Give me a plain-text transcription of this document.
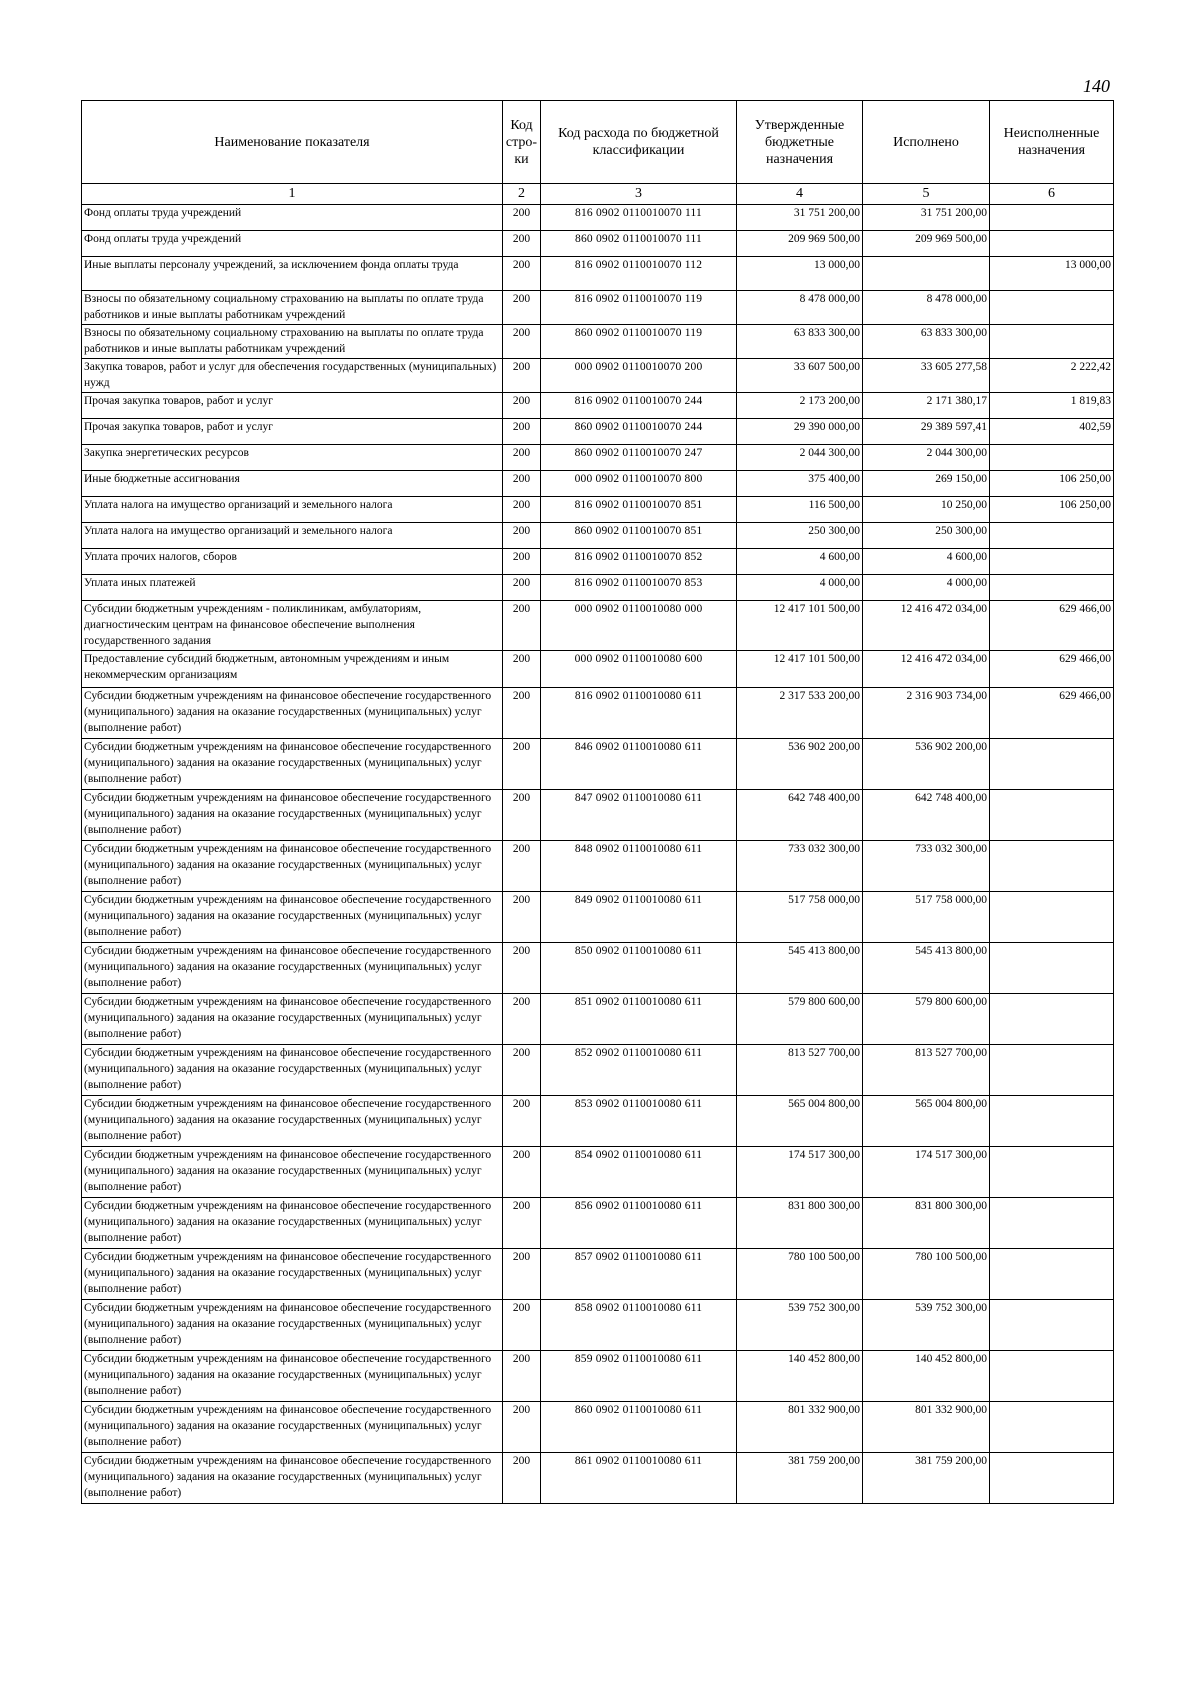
140
Наименование показателя	Код стро-ки	Код расхода по бюджетной классификации	Утвержденные бюджетные назначения	Исполнено	Неисполненные назначения
1	2	3	4	5	6
Фонд оплаты труда учреждений	200	816 0902 0110010070 111	31 751 200,00	31 751 200,00	
Фонд оплаты труда учреждений	200	860 0902 0110010070 111	209 969 500,00	209 969 500,00	
Иные выплаты персоналу учреждений, за исключением фонда оплаты труда	200	816 0902 0110010070 112	13 000,00		13 000,00
Взносы по обязательному социальному страхованию на выплаты по оплате труда работников и иные выплаты работникам учреждений	200	816 0902 0110010070 119	8 478 000,00	8 478 000,00	
Взносы по обязательному социальному страхованию на выплаты по оплате труда работников и иные выплаты работникам учреждений	200	860 0902 0110010070 119	63 833 300,00	63 833 300,00	
Закупка товаров, работ и услуг для обеспечения государственных (муниципальных) нужд	200	000 0902 0110010070 200	33 607 500,00	33 605 277,58	2 222,42
Прочая закупка товаров, работ и услуг	200	816 0902 0110010070 244	2 173 200,00	2 171 380,17	1 819,83
Прочая закупка товаров, работ и услуг	200	860 0902 0110010070 244	29 390 000,00	29 389 597,41	402,59
Закупка энергетических ресурсов	200	860 0902 0110010070 247	2 044 300,00	2 044 300,00	
Иные бюджетные ассигнования	200	000 0902 0110010070 800	375 400,00	269 150,00	106 250,00
Уплата налога на имущество организаций и земельного налога	200	816 0902 0110010070 851	116 500,00	10 250,00	106 250,00
Уплата налога на имущество организаций и земельного налога	200	860 0902 0110010070 851	250 300,00	250 300,00	
Уплата прочих налогов, сборов	200	816 0902 0110010070 852	4 600,00	4 600,00	
Уплата иных платежей	200	816 0902 0110010070 853	4 000,00	4 000,00	
Субсидии бюджетным учреждениям - поликлиникам, амбулаториям, диагностическим центрам на финансовое обеспечение выполнения государственного задания	200	000 0902 0110010080 000	12 417 101 500,00	12 416 472 034,00	629 466,00
Предоставление субсидий бюджетным, автономным учреждениям и иным некоммерческим организациям	200	000 0902 0110010080 600	12 417 101 500,00	12 416 472 034,00	629 466,00
Субсидии бюджетным учреждениям на финансовое обеспечение государственного (муниципального) задания на оказание государственных (муниципальных) услуг (выполнение работ)	200	816 0902 0110010080 611	2 317 533 200,00	2 316 903 734,00	629 466,00
Субсидии бюджетным учреждениям на финансовое обеспечение государственного (муниципального) задания на оказание государственных (муниципальных) услуг (выполнение работ)	200	846 0902 0110010080 611	536 902 200,00	536 902 200,00	
Субсидии бюджетным учреждениям на финансовое обеспечение государственного (муниципального) задания на оказание государственных (муниципальных) услуг (выполнение работ)	200	847 0902 0110010080 611	642 748 400,00	642 748 400,00	
Субсидии бюджетным учреждениям на финансовое обеспечение государственного (муниципального) задания на оказание государственных (муниципальных) услуг (выполнение работ)	200	848 0902 0110010080 611	733 032 300,00	733 032 300,00	
Субсидии бюджетным учреждениям на финансовое обеспечение государственного (муниципального) задания на оказание государственных (муниципальных) услуг (выполнение работ)	200	849 0902 0110010080 611	517 758 000,00	517 758 000,00	
Субсидии бюджетным учреждениям на финансовое обеспечение государственного (муниципального) задания на оказание государственных (муниципальных) услуг (выполнение работ)	200	850 0902 0110010080 611	545 413 800,00	545 413 800,00	
Субсидии бюджетным учреждениям на финансовое обеспечение государственного (муниципального) задания на оказание государственных (муниципальных) услуг (выполнение работ)	200	851 0902 0110010080 611	579 800 600,00	579 800 600,00	
Субсидии бюджетным учреждениям на финансовое обеспечение государственного (муниципального) задания на оказание государственных (муниципальных) услуг (выполнение работ)	200	852 0902 0110010080 611	813 527 700,00	813 527 700,00	
Субсидии бюджетным учреждениям на финансовое обеспечение государственного (муниципального) задания на оказание государственных (муниципальных) услуг (выполнение работ)	200	853 0902 0110010080 611	565 004 800,00	565 004 800,00	
Субсидии бюджетным учреждениям на финансовое обеспечение государственного (муниципального) задания на оказание государственных (муниципальных) услуг (выполнение работ)	200	854 0902 0110010080 611	174 517 300,00	174 517 300,00	
Субсидии бюджетным учреждениям на финансовое обеспечение государственного (муниципального) задания на оказание государственных (муниципальных) услуг (выполнение работ)	200	856 0902 0110010080 611	831 800 300,00	831 800 300,00	
Субсидии бюджетным учреждениям на финансовое обеспечение государственного (муниципального) задания на оказание государственных (муниципальных) услуг (выполнение работ)	200	857 0902 0110010080 611	780 100 500,00	780 100 500,00	
Субсидии бюджетным учреждениям на финансовое обеспечение государственного (муниципального) задания на оказание государственных (муниципальных) услуг (выполнение работ)	200	858 0902 0110010080 611	539 752 300,00	539 752 300,00	
Субсидии бюджетным учреждениям на финансовое обеспечение государственного (муниципального) задания на оказание государственных (муниципальных) услуг (выполнение работ)	200	859 0902 0110010080 611	140 452 800,00	140 452 800,00	
Субсидии бюджетным учреждениям на финансовое обеспечение государственного (муниципального) задания на оказание государственных (муниципальных) услуг (выполнение работ)	200	860 0902 0110010080 611	801 332 900,00	801 332 900,00	
Субсидии бюджетным учреждениям на финансовое обеспечение государственного (муниципального) задания на оказание государственных (муниципальных) услуг (выполнение работ)	200	861 0902 0110010080 611	381 759 200,00	381 759 200,00	
